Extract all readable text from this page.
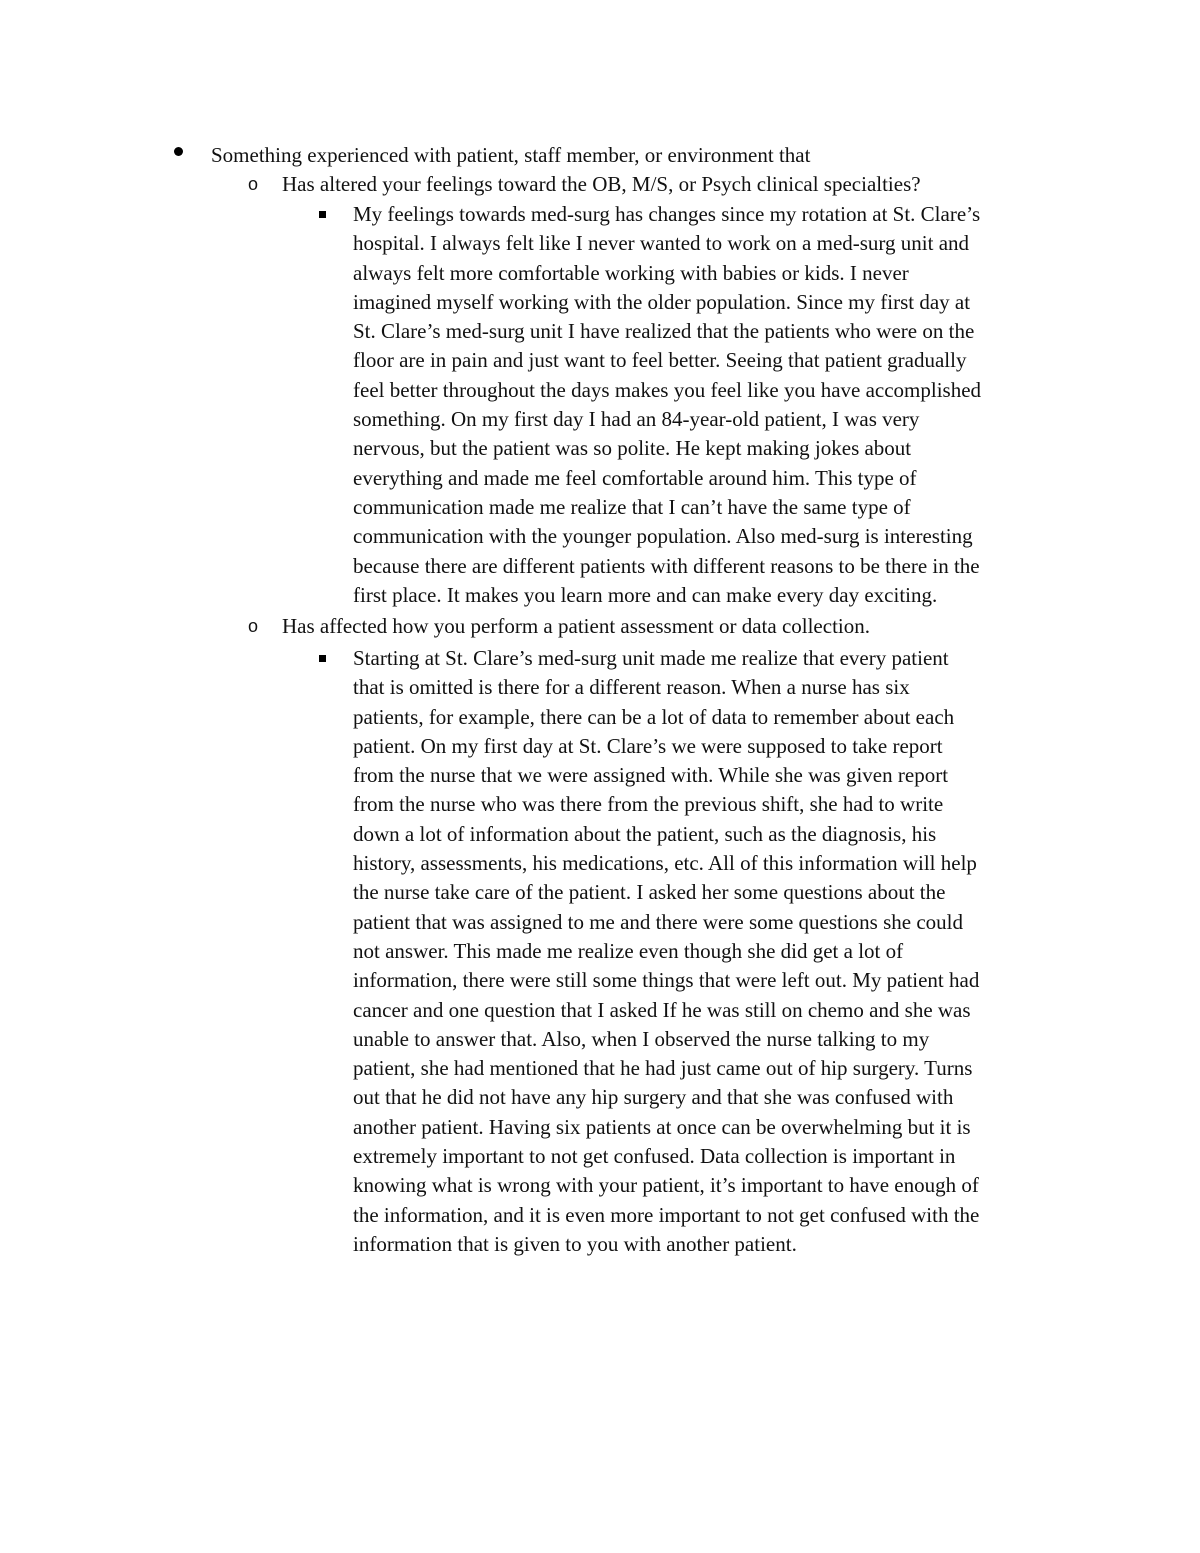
Something experienced with patient, staff member, or environment that
o Has altered your feelings toward the OB, M/S, or Psych clinical specialties?
My feelings towards med-surg has changes since my rotation at St. Clare’s
hospital. I always felt like I never wanted to work on a med-surg unit and
always felt more comfortable working with babies or kids. I never
imagined myself working with the older population. Since my first day at
St. Clare’s med-surg unit I have realized that the patients who were on the
floor are in pain and just want to feel better. Seeing that patient gradually
feel better throughout the days makes you feel like you have accomplished
something. On my first day I had an 84-year-old patient, I was very
nervous, but the patient was so polite. He kept making jokes about
everything and made me feel comfortable around him. This type of
communication made me realize that I can’t have the same type of
communication with the younger population. Also med-surg is interesting
because there are different patients with different reasons to be there in the
first place. It makes you learn more and can make every day exciting.
o Has affected how you perform a patient assessment or data collection.
Starting at St. Clare’s med-surg unit made me realize that every patient
that is omitted is there for a different reason. When a nurse has six
patients, for example, there can be a lot of data to remember about each
patient. On my first day at St. Clare’s we were supposed to take report
from the nurse that we were assigned with. While she was given report
from the nurse who was there from the previous shift, she had to write
down a lot of information about the patient, such as the diagnosis, his
history, assessments, his medications, etc. All of this information will help
the nurse take care of the patient. I asked her some questions about the
patient that was assigned to me and there were some questions she could
not answer. This made me realize even though she did get a lot of
information, there were still some things that were left out. My patient had
cancer and one question that I asked If he was still on chemo and she was
unable to answer that. Also, when I observed the nurse talking to my
patient, she had mentioned that he had just came out of hip surgery. Turns
out that he did not have any hip surgery and that she was confused with
another patient. Having six patients at once can be overwhelming but it is
extremely important to not get confused. Data collection is important in
knowing what is wrong with your patient, it’s important to have enough of
the information, and it is even more important to not get confused with the
information that is given to you with another patient.
